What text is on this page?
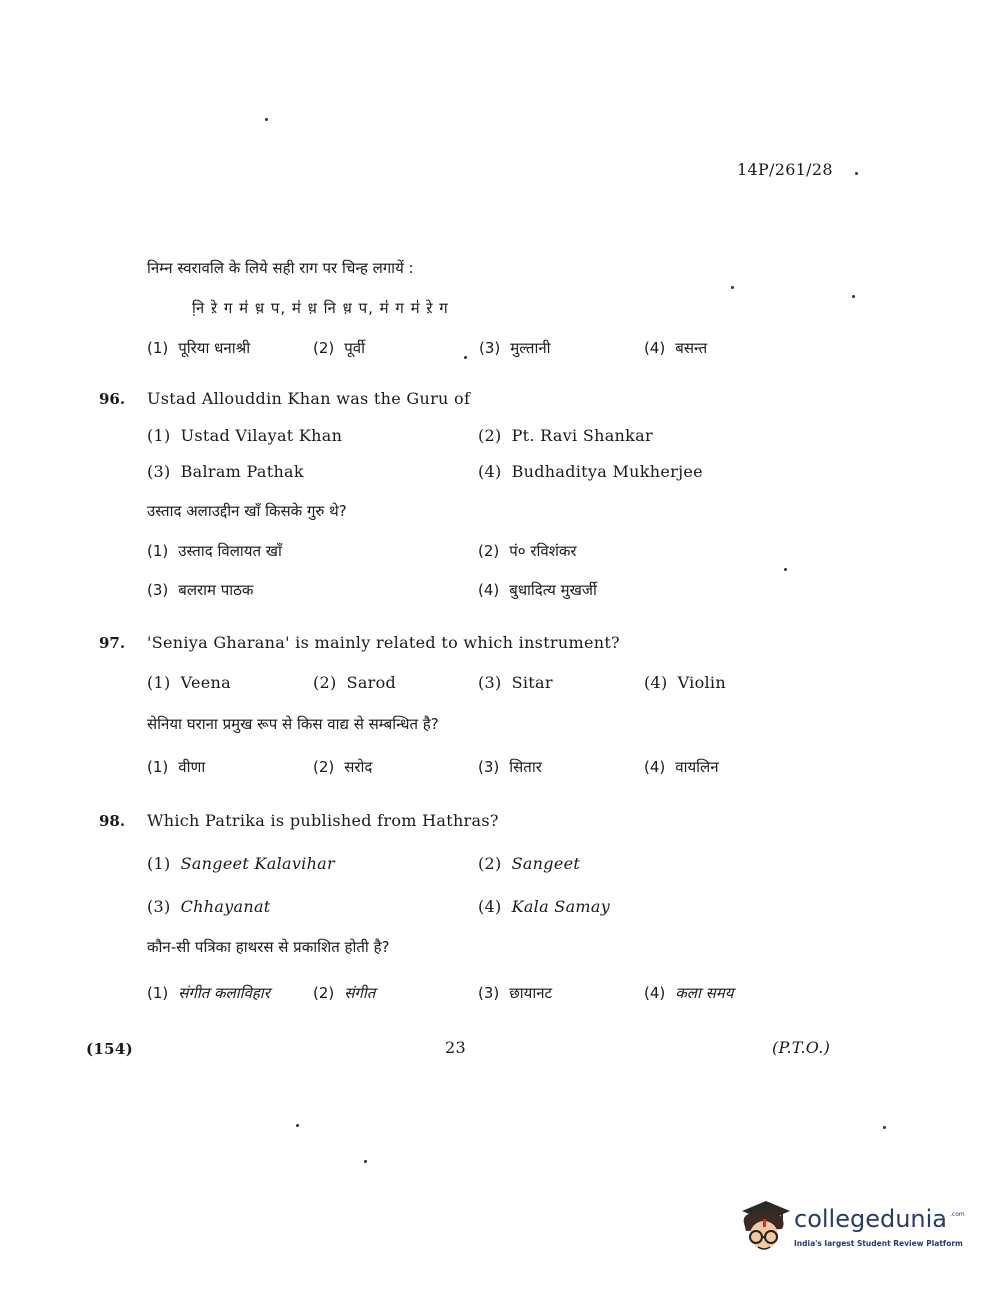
14P/261/28
निम्न स्वरावलि के लिये सही राग पर चिन्ह लगायें :
नि़ रे़ ग म॑ ध़ प, म॑ ध़ नि ध़ प, म॑ ग म॑ रे़ ग
(1) पूरिया धनाश्री	(2) पूर्वी	(3) मुल्तानी	(4) बसन्त
96. Ustad Allouddin Khan was the Guru of
(1) Ustad Vilayat Khan	(2) Pt. Ravi Shankar
(3) Balram Pathak	(4) Budhaditya Mukherjee
उस्ताद अलाउद्दीन खाँ किसके गुरु थे?
(1) उस्ताद विलायत खाँ	(2) पं० रविशंकर
(3) बलराम पाठक	(4) बुधादित्य मुखर्जी
97. 'Seniya Gharana' is mainly related to which instrument?
(1) Veena	(2) Sarod	(3) Sitar	(4) Violin
सेनिया घराना प्रमुख रूप से किस वाद्य से सम्बन्धित है?
(1) वीणा	(2) सरोद	(3) सितार	(4) वायलिन
98. Which Patrika is published from Hathras?
(1) Sangeet Kalavihar	(2) Sangeet
(3) Chhayanat	(4) Kala Samay
कौन-सी पत्रिका हाथरस से प्रकाशित होती है?
(1) संगीत कलाविहार	(2) संगीत	(3) छायानट	(4) कला समय
(154)	23	(P.T.O.)
collegedunia .com
India's largest Student Review Platform
